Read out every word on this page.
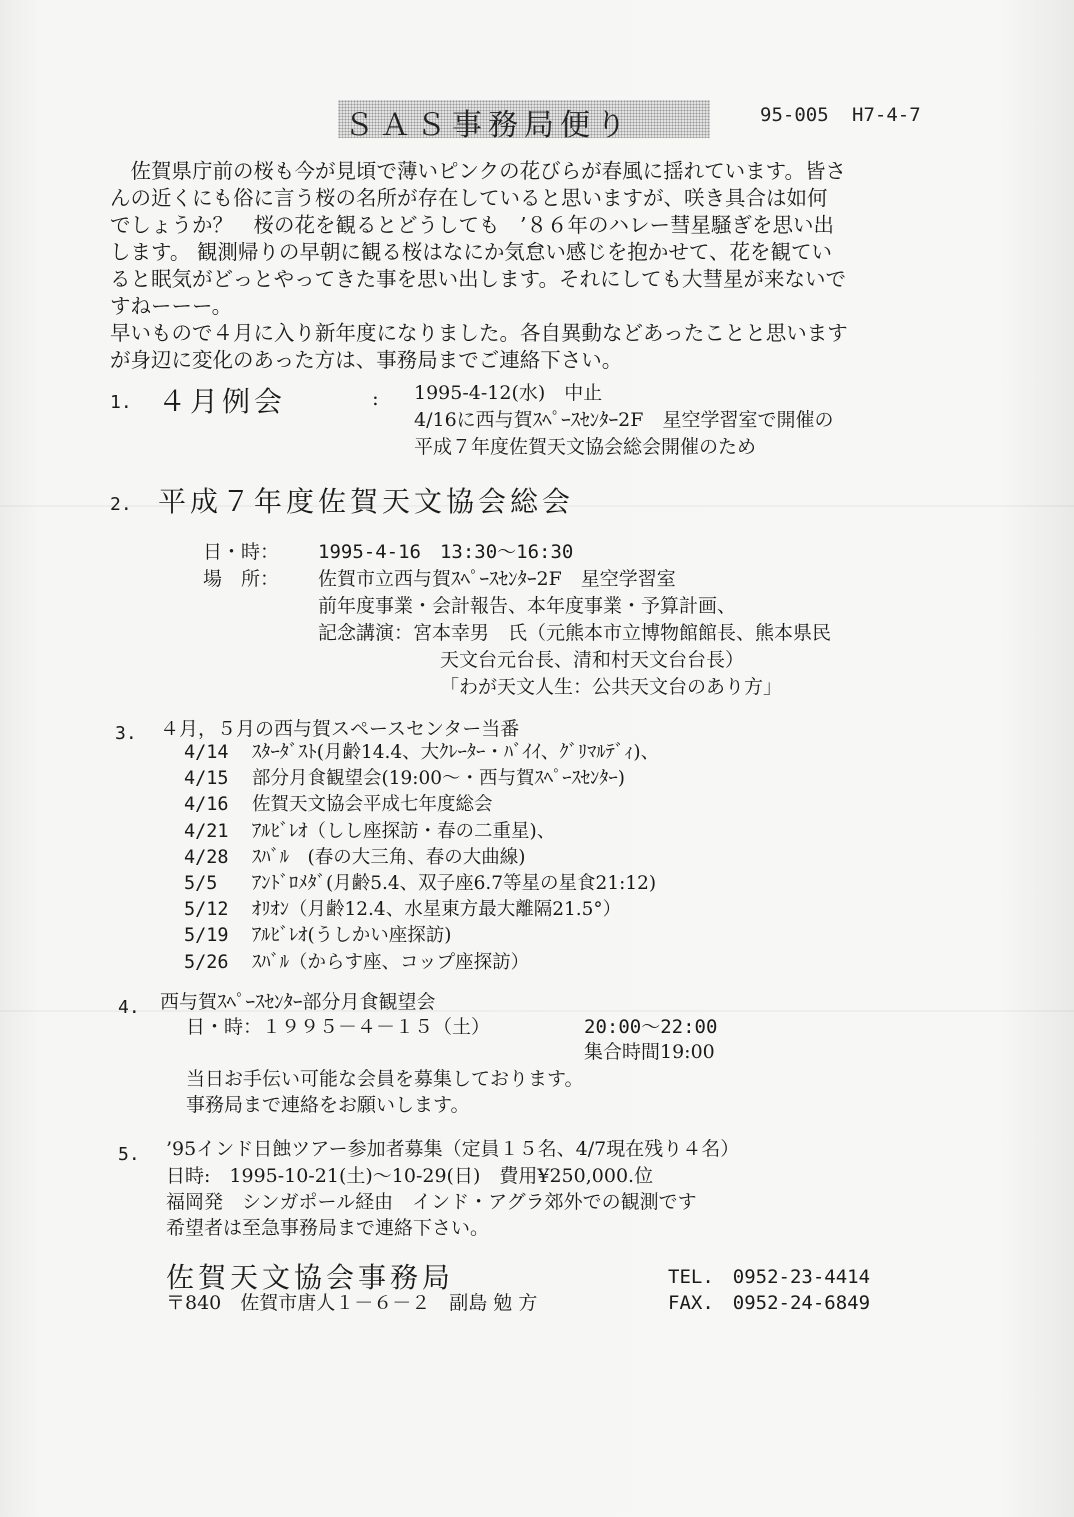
ＳＡＳ事務局便り	95-005 H7-4-7
　佐賀県庁前の桜も今が見頃で薄いピンクの花びらが春風に揺れています。皆さ
んの近くにも俗に言う桜の名所が存在していると思いますが、咲き具合は如何
でしょうか？　桜の花を観るとどうしても　’８６年のハレー彗星騒ぎを思い出
します。 観測帰りの早朝に観る桜はなにか気怠い感じを抱かせて、花を観てい
ると眠気がどっとやってきた事を思い出します。それにしても大彗星が来ないで
すねーーー。
早いもので４月に入り新年度になりました。各自異動などあったことと思います
が身辺に変化のあった方は、事務局までご連絡下さい。
1. ４月例会	: 1995-4-12(水)　中止
4/16に西与賀ｽﾍﾟｰｽｾﾝﾀｰ2F　星空学習室で開催の
平成７年度佐賀天文協会総会開催のため
2. 平成７年度佐賀天文協会総会
日・時： 1995-4-16　13:30～16:30
場　所： 佐賀市立西与賀ｽﾍﾟｰｽｾﾝﾀｰ2F　星空学習室
前年度事業・会計報告、本年度事業・予算計画、
記念講演：宮本幸男　氏（元熊本市立博物館館長、熊本県民
天文台元台長、清和村天文台台長）
「わが天文人生：公共天文台のあり方」
3. ４月，５月の西与賀スペースセンター当番
4/14 ｽﾀｰﾀﾞｽﾄ(月齢14.4、大ｸﾚｰﾀｰ・ﾊﾞｲｲ、ｸﾞﾘﾏﾙﾃﾞｨ)、
4/15 部分月食観望会(19:00～・西与賀ｽﾍﾟｰｽｾﾝﾀｰ)
4/16 佐賀天文協会平成七年度総会
4/21 ｱﾙﾋﾞﾚｵ（しし座探訪・春の二重星)、
4/28 ｽﾊﾞﾙ　(春の大三角、春の大曲線)
5/5 ｱﾝﾄﾞﾛﾒﾀﾞ(月齢5.4、双子座6.7等星の星食21:12)
5/12 ｵﾘｵﾝ（月齢12.4、水星東方最大離隔21.5°）
5/19 ｱﾙﾋﾞﾚｵ(うしかい座探訪)
5/26 ｽﾊﾞﾙ（からす座、コップ座探訪）
4. 西与賀ｽﾍﾟｰｽｾﾝﾀｰ部分月食観望会
日・時：１９９５－４－１５（土）	20:00～22:00
集合時間19:00
当日お手伝い可能な会員を募集しております。
事務局まで連絡をお願いします。
5. ’95インド日蝕ツアー参加者募集（定員１５名、4/7現在残り４名）
日時:　1995-10-21(土)～10-29(日)　費用¥250,000.位
福岡発　シンガポール経由　インド・アグラ郊外での観測です
希望者は至急事務局まで連絡下さい。
佐賀天文協会事務局
〒840　佐賀市唐人１－６－２　副島 勉 方
TEL.　0952-23-4414
FAX.　0952-24-6849
